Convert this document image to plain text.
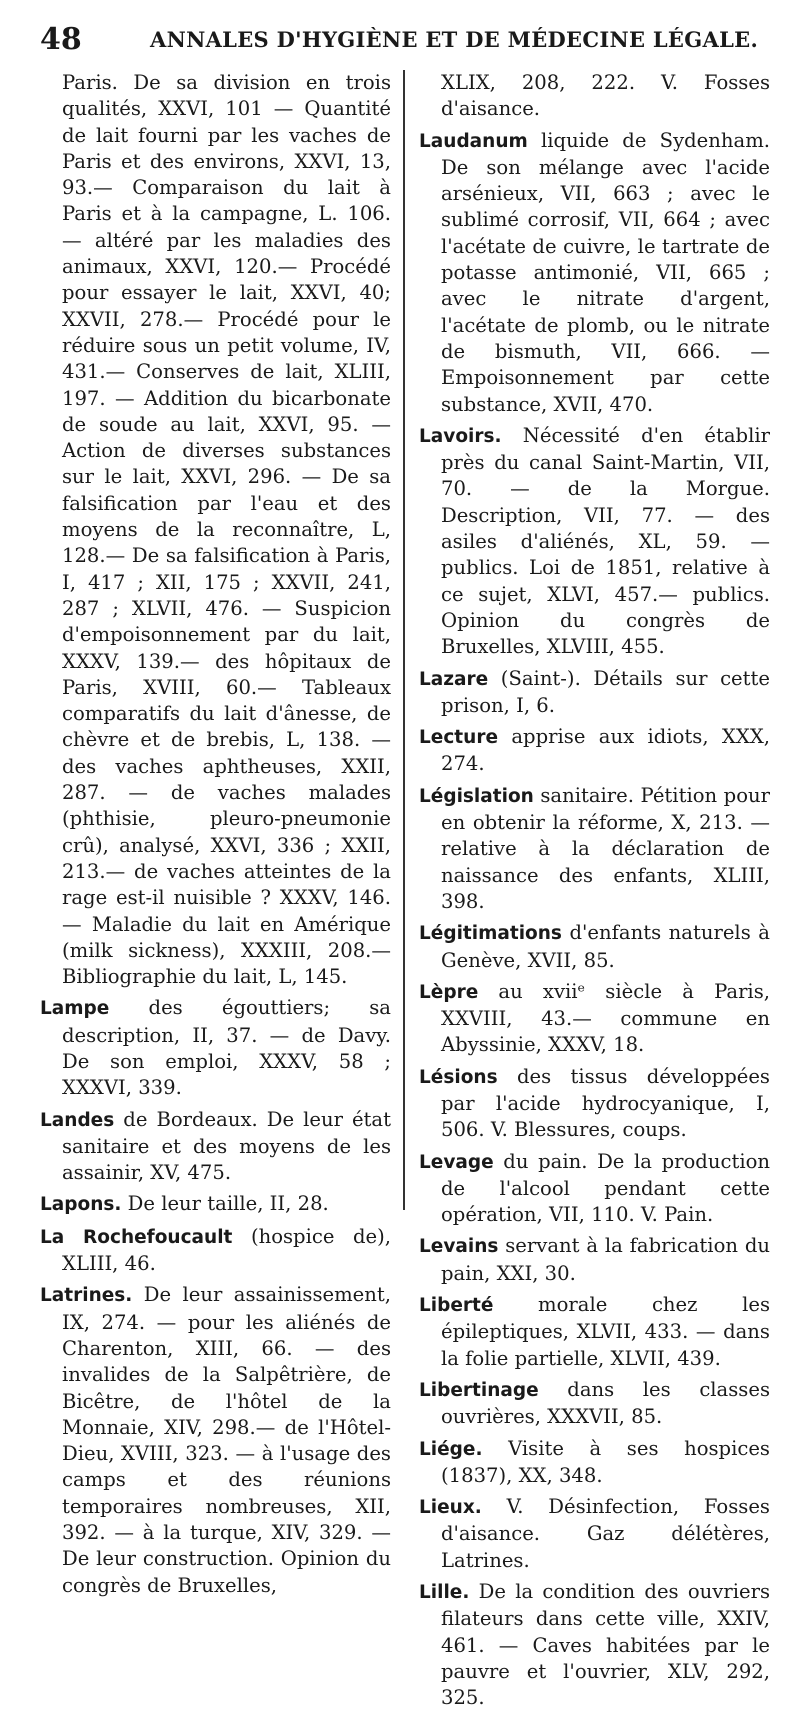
48	ANNALES D'HYGIÈNE ET DE MÉDECINE LÉGALE.

Paris. De sa division en trois qualités, XXVI, 101 — Quantité de lait fourni par les vaches de Paris et des environs, XXVI, 13, 93.— Comparaison du lait à Paris et à la campagne, L. 106. — altéré par les maladies des animaux, XXVI, 120.— Procédé pour essayer le lait, XXVI, 40; XXVII, 278.— Procédé pour le réduire sous un petit volume, IV, 431.— Conserves de lait, XLIII, 197. — Addition du bicarbonate de soude au lait, XXVI, 95. — Action de diverses substances sur le lait, XXVI, 296. — De sa falsification par l'eau et des moyens de la reconnaître, L, 128.— De sa falsification à Paris, I, 417 ; XII, 175 ; XXVII, 241, 287 ; XLVII, 476. — Suspicion d'empoisonnement par du lait, XXXV, 139.— des hôpitaux de Paris, XVIII, 60.— Tableaux comparatifs du lait d'ânesse, de chèvre et de brebis, L, 138. — des vaches aphtheuses, XXII, 287. — de vaches malades (phthisie, pleuro-pneumonie crû), analysé, XXVI, 336 ; XXII, 213.— de vaches atteintes de la rage est-il nuisible ? XXXV, 146. — Maladie du lait en Amérique (milk sickness), XXXIII, 208.— Bibliographie du lait, L, 145.

Lampe des égouttiers; sa description, II, 37. — de Davy. De son emploi, XXXV, 58 ; XXXVI, 339.

Landes de Bordeaux. De leur état sanitaire et des moyens de les assainir, XV, 475.

Lapons. De leur taille, II, 28.

La Rochefoucault (hospice de), XLIII, 46.

Latrines. De leur assainissement, IX, 274. — pour les aliénés de Charenton, XIII, 66. — des invalides de la Salpêtrière, de Bicêtre, de l'hôtel de la Monnaie, XIV, 298.— de l'Hôtel-Dieu, XVIII, 323. — à l'usage des camps et des réunions temporaires nombreuses, XII, 392. — à la turque, XIV, 329. — De leur construction. Opinion du congrès de Bruxelles,

XLIX, 208, 222. V. Fosses d'aisance.

Laudanum liquide de Sydenham. De son mélange avec l'acide arsénieux, VII, 663 ; avec le sublimé corrosif, VII, 664 ; avec l'acétate de cuivre, le tartrate de potasse antimonié, VII, 665 ; avec le nitrate d'argent, l'acétate de plomb, ou le nitrate de bismuth, VII, 666. — Empoisonnement par cette substance, XVII, 470.

Lavoirs. Nécessité d'en établir près du canal Saint-Martin, VII, 70. — de la Morgue. Description, VII, 77. — des asiles d'aliénés, XL, 59. — publics. Loi de 1851, relative à ce sujet, XLVI, 457.— publics. Opinion du congrès de Bruxelles, XLVIII, 455.

Lazare (Saint-). Détails sur cette prison, I, 6.

Lecture apprise aux idiots, XXX, 274.

Législation sanitaire. Pétition pour en obtenir la réforme, X, 213. — relative à la déclaration de naissance des enfants, XLIII, 398.

Légitimations d'enfants naturels à Genève, XVII, 85.

Lèpre au xviiᵉ siècle à Paris, XXVIII, 43.— commune en Abyssinie, XXXV, 18.

Lésions des tissus développées par l'acide hydrocyanique, I, 506. V. Blessures, coups.

Levage du pain. De la production de l'alcool pendant cette opération, VII, 110. V. Pain.

Levains servant à la fabrication du pain, XXI, 30.

Liberté morale chez les épileptiques, XLVII, 433. — dans la folie partielle, XLVII, 439.

Libertinage dans les classes ouvrières, XXXVII, 85.

Liége. Visite à ses hospices (1837), XX, 348.

Lieux. V. Désinfection, Fosses d'aisance. Gaz délétères, Latrines.

Lille. De la condition des ouvriers filateurs dans cette ville, XXIV, 461. — Caves habitées par le pauvre et l'ouvrier, XLV, 292, 325.
